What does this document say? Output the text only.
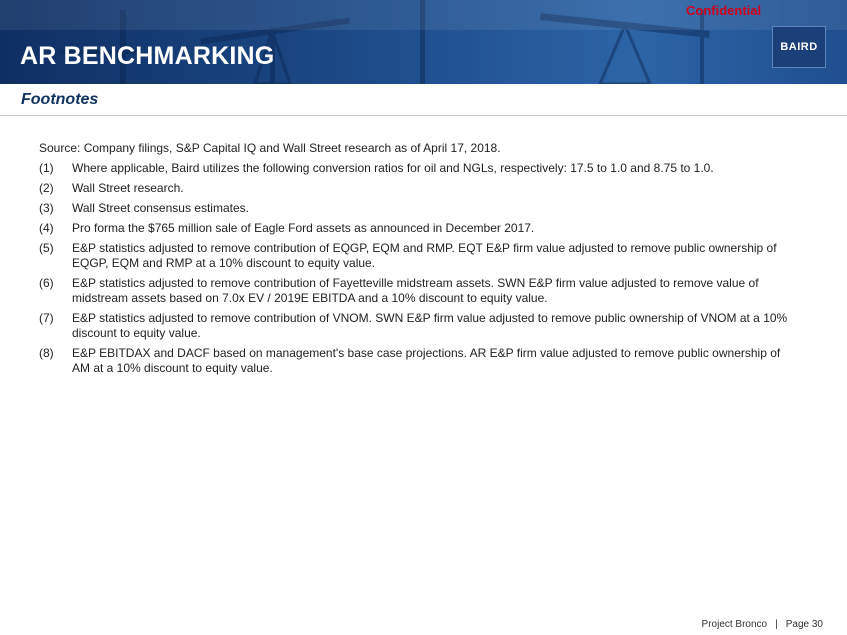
AR BENCHMARKING
Confidential
BAIRD
Footnotes
Source: Company filings, S&P Capital IQ and Wall Street research as of April 17, 2018.
(1)	Where applicable, Baird utilizes the following conversion ratios for oil and NGLs, respectively: 17.5 to 1.0 and 8.75 to 1.0.
(2)	Wall Street research.
(3)	Wall Street consensus estimates.
(4)	Pro forma the $765 million sale of Eagle Ford assets as announced in December 2017.
(5)	E&P statistics adjusted to remove contribution of EQGP, EQM and RMP. EQT E&P firm value adjusted to remove public ownership of EQGP, EQM and RMP at a 10% discount to equity value.
(6)	E&P statistics adjusted to remove contribution of Fayetteville midstream assets. SWN E&P firm value adjusted to remove value of midstream assets based on 7.0x EV / 2019E EBITDA and a 10% discount to equity value.
(7)	E&P statistics adjusted to remove contribution of VNOM. SWN E&P firm value adjusted to remove public ownership of VNOM at a 10% discount to equity value.
(8)	E&P EBITDAX and DACF based on management's base case projections. AR E&P firm value adjusted to remove public ownership of AM at a 10% discount to equity value.
Project Bronco | Page 30
